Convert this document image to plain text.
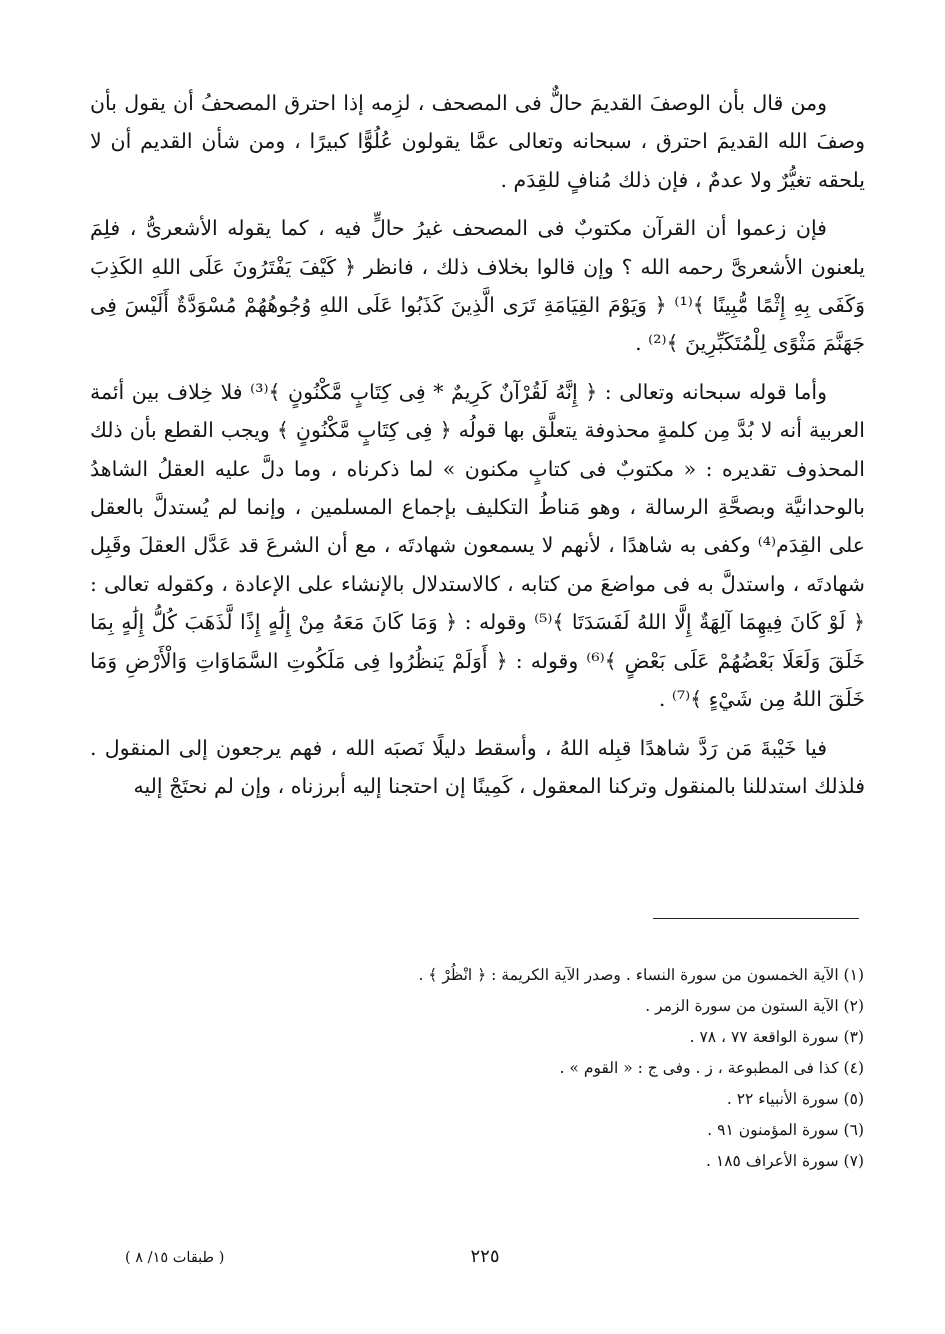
ومن قال بأن الوصفَ القديمَ حالٌّ فى المصحف ، لزِمه إذا احترق المصحفُ أن يقول بأن وصفَ الله القديمَ احترق ، سبحانه وتعالى عمَّا يقولون عُلُوًّا كبيرًا ، ومن شأن القديم أن لا يلحقه تغيُّرٌ ولا عدمٌ ، فإن ذلك مُنافٍ للقِدَم .

فإن زعموا أن القرآن مكتوبٌ فى المصحف غيرُ حالٍّ فيه ، كما يقوله الأشعرىُّ ، فلِمَ يلعنون الأشعرىَّ رحمه الله ؟ وإن قالوا بخلاف ذلك ، فانظر ﴿ كَيْفَ يَفْتَرُونَ عَلَى اللهِ الكَذِبَ وَكَفَى بِهِ إِثْمًا مُّبِينًا ﴾⁽¹⁾ ﴿ وَيَوْمَ القِيَامَةِ تَرَى الَّذِينَ كَذَبُوا عَلَى اللهِ وُجُوهُهُمْ مُسْوَدَّةٌ أَلَيْسَ فِى جَهَنَّمَ مَثْوًى لِلْمُتَكَبِّرِينَ ﴾⁽²⁾ .

وأما قوله سبحانه وتعالى : ﴿ إِنَّهُ لَقُرْآنٌ كَرِيمٌ * فِى كِتَابٍ مَّكْنُونٍ ﴾⁽³⁾ فلا خِلاف بين أئمة العربية أنه لا بُدَّ مِن كلمةٍ محذوفة يتعلَّق بها قولُه ﴿ فِى كِتَابٍ مَّكْنُونٍ ﴾ ويجب القطع بأن ذلك المحذوف تقديره : « مكتوبٌ فى كتابٍ مكنون » لما ذكرناه ، وما دلَّ عليه العقلُ الشاهدُ بالوحدانيَّة وبصحَّةِ الرسالة ، وهو مَناطُ التكليف بإجماع المسلمين ، وإنما لم يُستدلَّ بالعقل على القِدَم⁽⁴⁾ وكفى به شاهدًا ، لأنهم لا يسمعون شهادتَه ، مع أن الشرعَ قد عَدَّل العقلَ وقَبِل شهادتَه ، واستدلَّ به فى مواضعَ من كتابه ، كالاستدلال بالإنشاء على الإعادة ، وكقوله تعالى : ﴿ لَوْ كَانَ فِيهِمَا آلِهَةٌ إِلَّا اللهُ لَفَسَدَتَا ﴾⁽⁵⁾ وقوله : ﴿ وَمَا كَانَ مَعَهُ مِنْ إِلَٰهٍ إِذًا لَّذَهَبَ كُلُّ إِلَٰهٍ بِمَا خَلَقَ وَلَعَلَا بَعْضُهُمْ عَلَى بَعْضٍ ﴾⁽⁶⁾ وقوله : ﴿ أَوَلَمْ يَنظُرُوا فِى مَلَكُوتِ السَّمَاوَاتِ وَالْأَرْضِ وَمَا خَلَقَ اللهُ مِن شَيْءٍ ﴾⁽⁷⁾ .

فيا خَيْبةَ مَن رَدَّ شاهدًا قبِله اللهُ ، وأسقط دليلًا نَصبَه الله ، فهم يرجعون إلى المنقول . فلذلك استدللنا بالمنقول وتركنا المعقول ، كَمِينًا إن احتجنا إليه أبرزناه ، وإن لم نحتَجْ إليه

(١) الآية الخمسون من سورة النساء . وصدر الآية الكريمة : ﴿ انْظُرْ ﴾ .

(٢) الآية الستون من سورة الزمر .

(٣) سورة الواقعة ٧٧ ، ٧٨ .

(٤) كذا فى المطبوعة ، ز . وفى ج : « القوم » .

(٥) سورة الأنبياء ٢٢ .

(٦) سورة المؤمنون ٩١ .

(٧) سورة الأعراف ١٨٥ .

٢٢٥
( طبقات ١٥/ ٨ )
